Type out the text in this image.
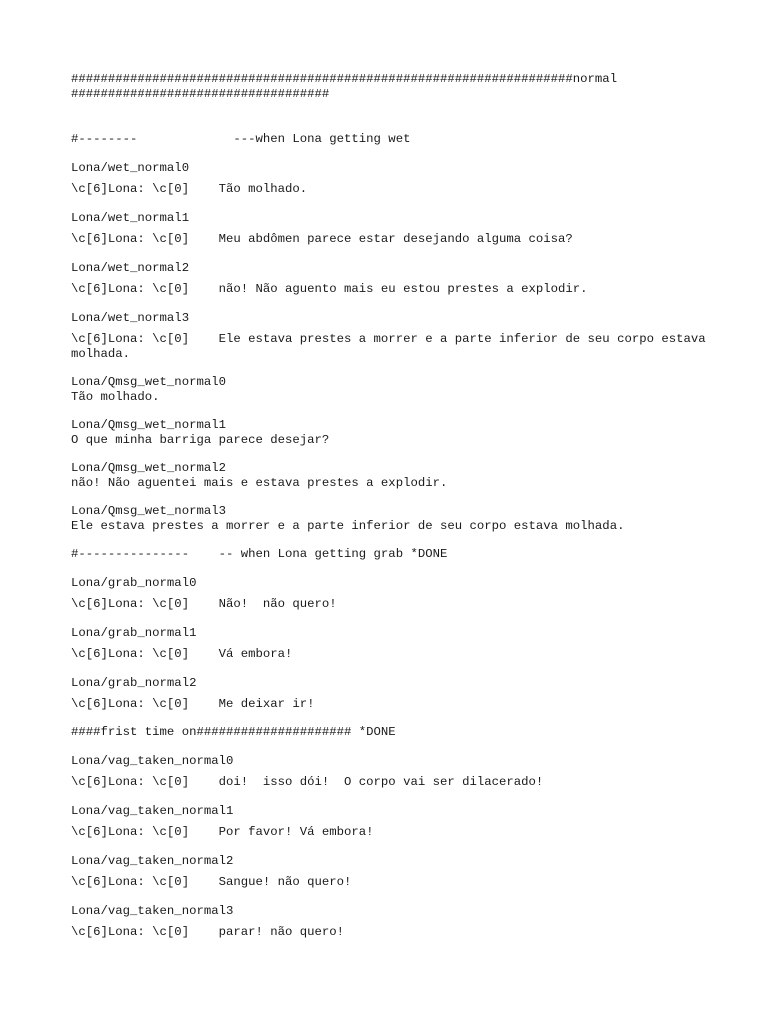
####################################################################normal
###################################
#--------             ---when Lona getting wet
Lona/wet_normal0
\c[6]Lona: \c[0]    Tão molhado.
Lona/wet_normal1
\c[6]Lona: \c[0]    Meu abdômen parece estar desejando alguma coisa?
Lona/wet_normal2
\c[6]Lona: \c[0]    não! Não aguento mais eu estou prestes a explodir.
Lona/wet_normal3
\c[6]Lona: \c[0]    Ele estava prestes a morrer e a parte inferior de seu corpo estava molhada.
Lona/Qmsg_wet_normal0
Tão molhado.
Lona/Qmsg_wet_normal1
O que minha barriga parece desejar?
Lona/Qmsg_wet_normal2
não! Não aguentei mais e estava prestes a explodir.
Lona/Qmsg_wet_normal3
Ele estava prestes a morrer e a parte inferior de seu corpo estava molhada.
#---------------    -- when Lona getting grab *DONE
Lona/grab_normal0
\c[6]Lona: \c[0]    Não!  não quero!
Lona/grab_normal1
\c[6]Lona: \c[0]    Vá embora!
Lona/grab_normal2
\c[6]Lona: \c[0]    Me deixar ir!
####frist time on##################### *DONE
Lona/vag_taken_normal0
\c[6]Lona: \c[0]    doi!  isso dói!  O corpo vai ser dilacerado!
Lona/vag_taken_normal1
\c[6]Lona: \c[0]    Por favor! Vá embora!
Lona/vag_taken_normal2
\c[6]Lona: \c[0]    Sangue! não quero!
Lona/vag_taken_normal3
\c[6]Lona: \c[0]    parar! não quero!
